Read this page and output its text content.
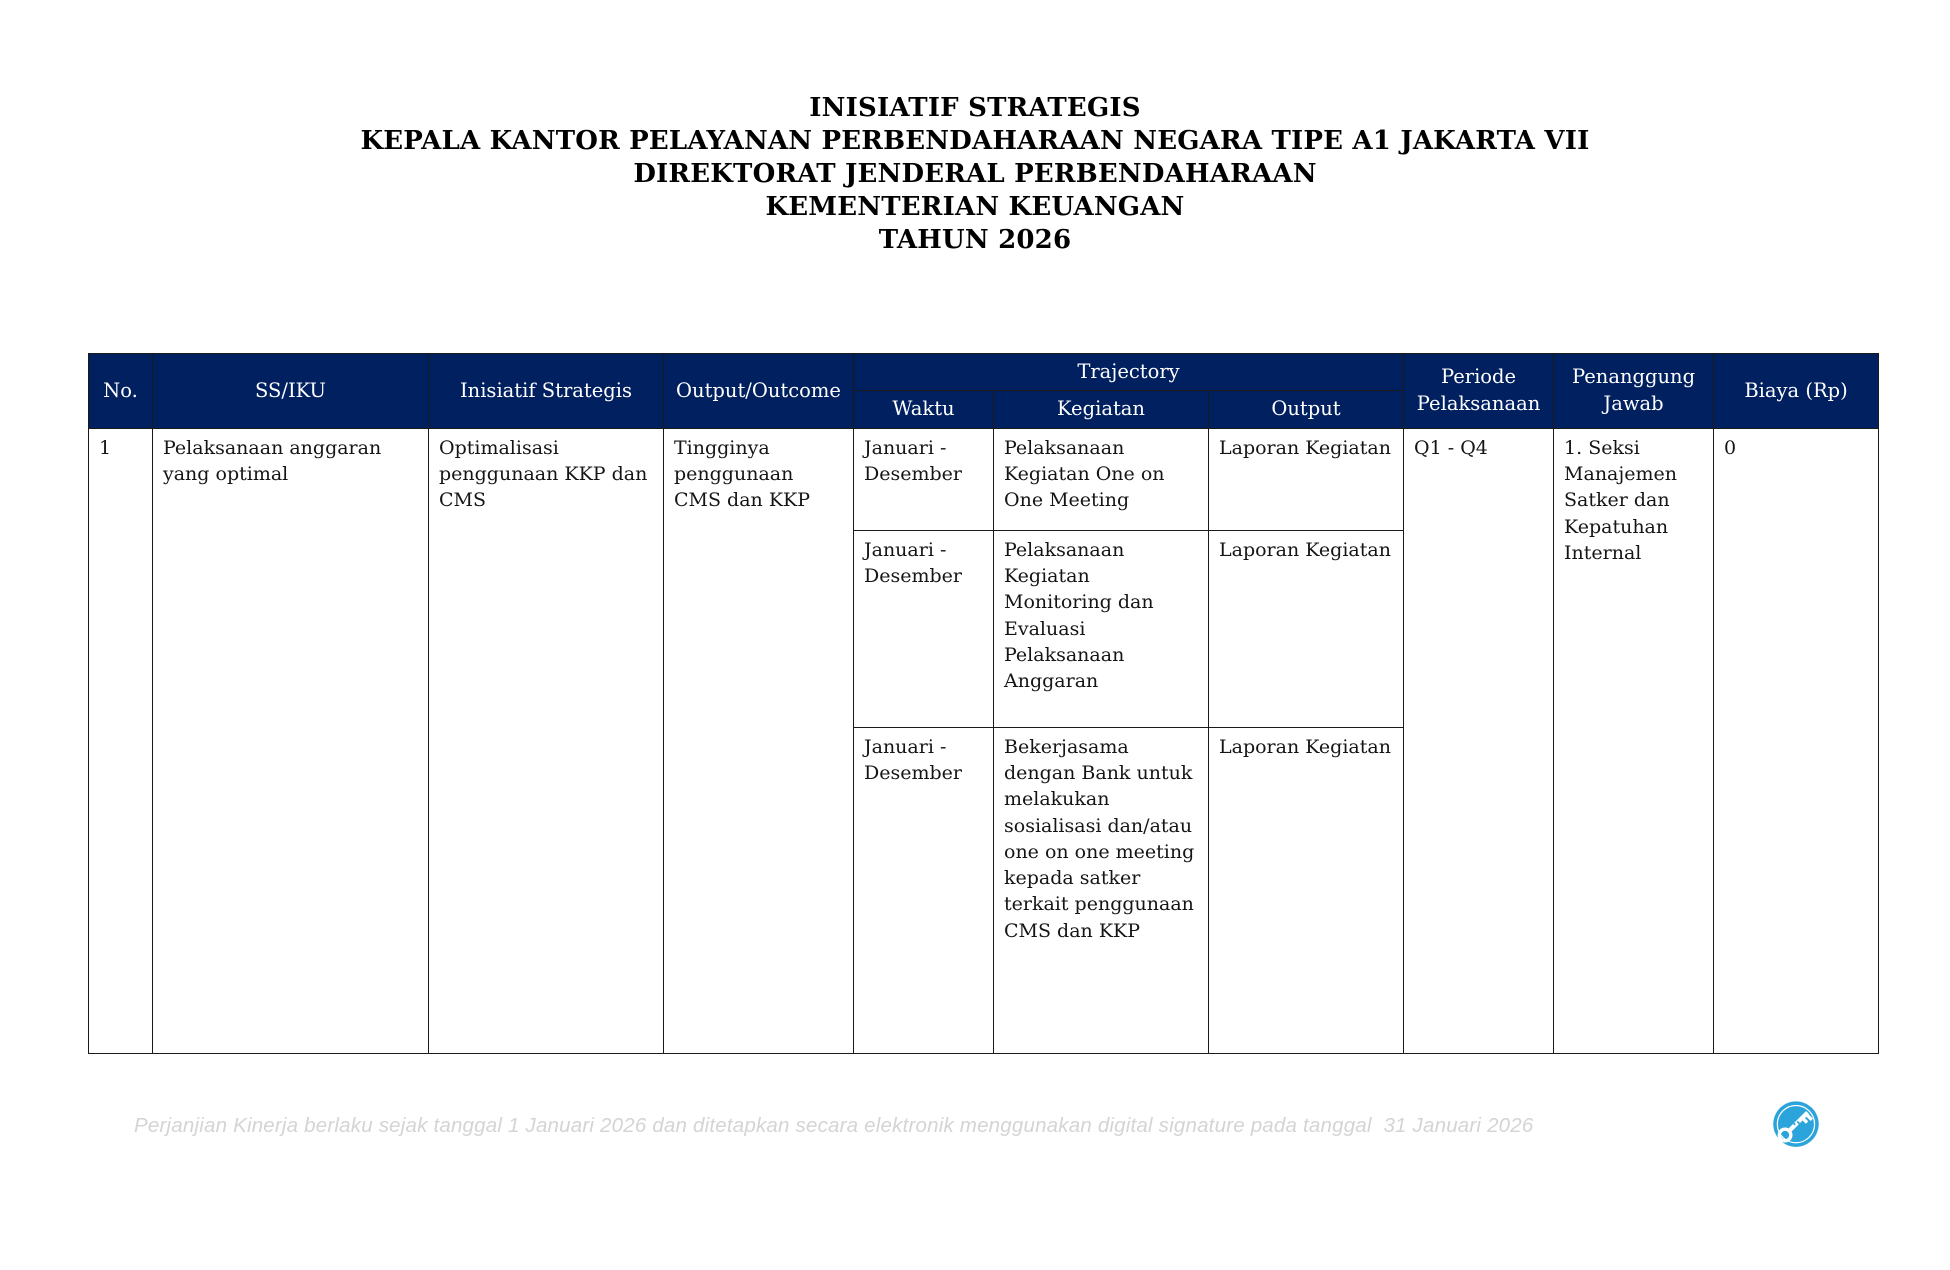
INISIATIF STRATEGIS
KEPALA KANTOR PELAYANAN PERBENDAHARAAN NEGARA TIPE A1 JAKARTA VII
DIREKTORAT JENDERAL PERBENDAHARAAN
KEMENTERIAN KEUANGAN
TAHUN 2026
No.	SS/IKU	Inisiatif Strategis	Output/Outcome	Trajectory			Periode Pelaksanaan	Penanggung Jawab	Biaya (Rp)
				Waktu	Kegiatan	Output			
1	Pelaksanaan anggaran yang optimal	Optimalisasi penggunaan KKP dan CMS	Tingginya penggunaan CMS dan KKP	Januari - Desember	Pelaksanaan Kegiatan One on One Meeting	Laporan Kegiatan	Q1 - Q4	1. Seksi Manajemen Satker dan Kepatuhan Internal	0
				Januari - Desember	Pelaksanaan Kegiatan Monitoring dan Evaluasi Pelaksanaan Anggaran	Laporan Kegiatan			
				Januari - Desember	Bekerjasama dengan Bank untuk melakukan sosialisasi dan/atau one on one meeting kepada satker terkait penggunaan CMS dan KKP	Laporan Kegiatan			
Perjanjian Kinerja berlaku sejak tanggal 1 Januari 2026 dan ditetapkan secara elektronik menggunakan digital signature pada tanggal  31 Januari 2026
